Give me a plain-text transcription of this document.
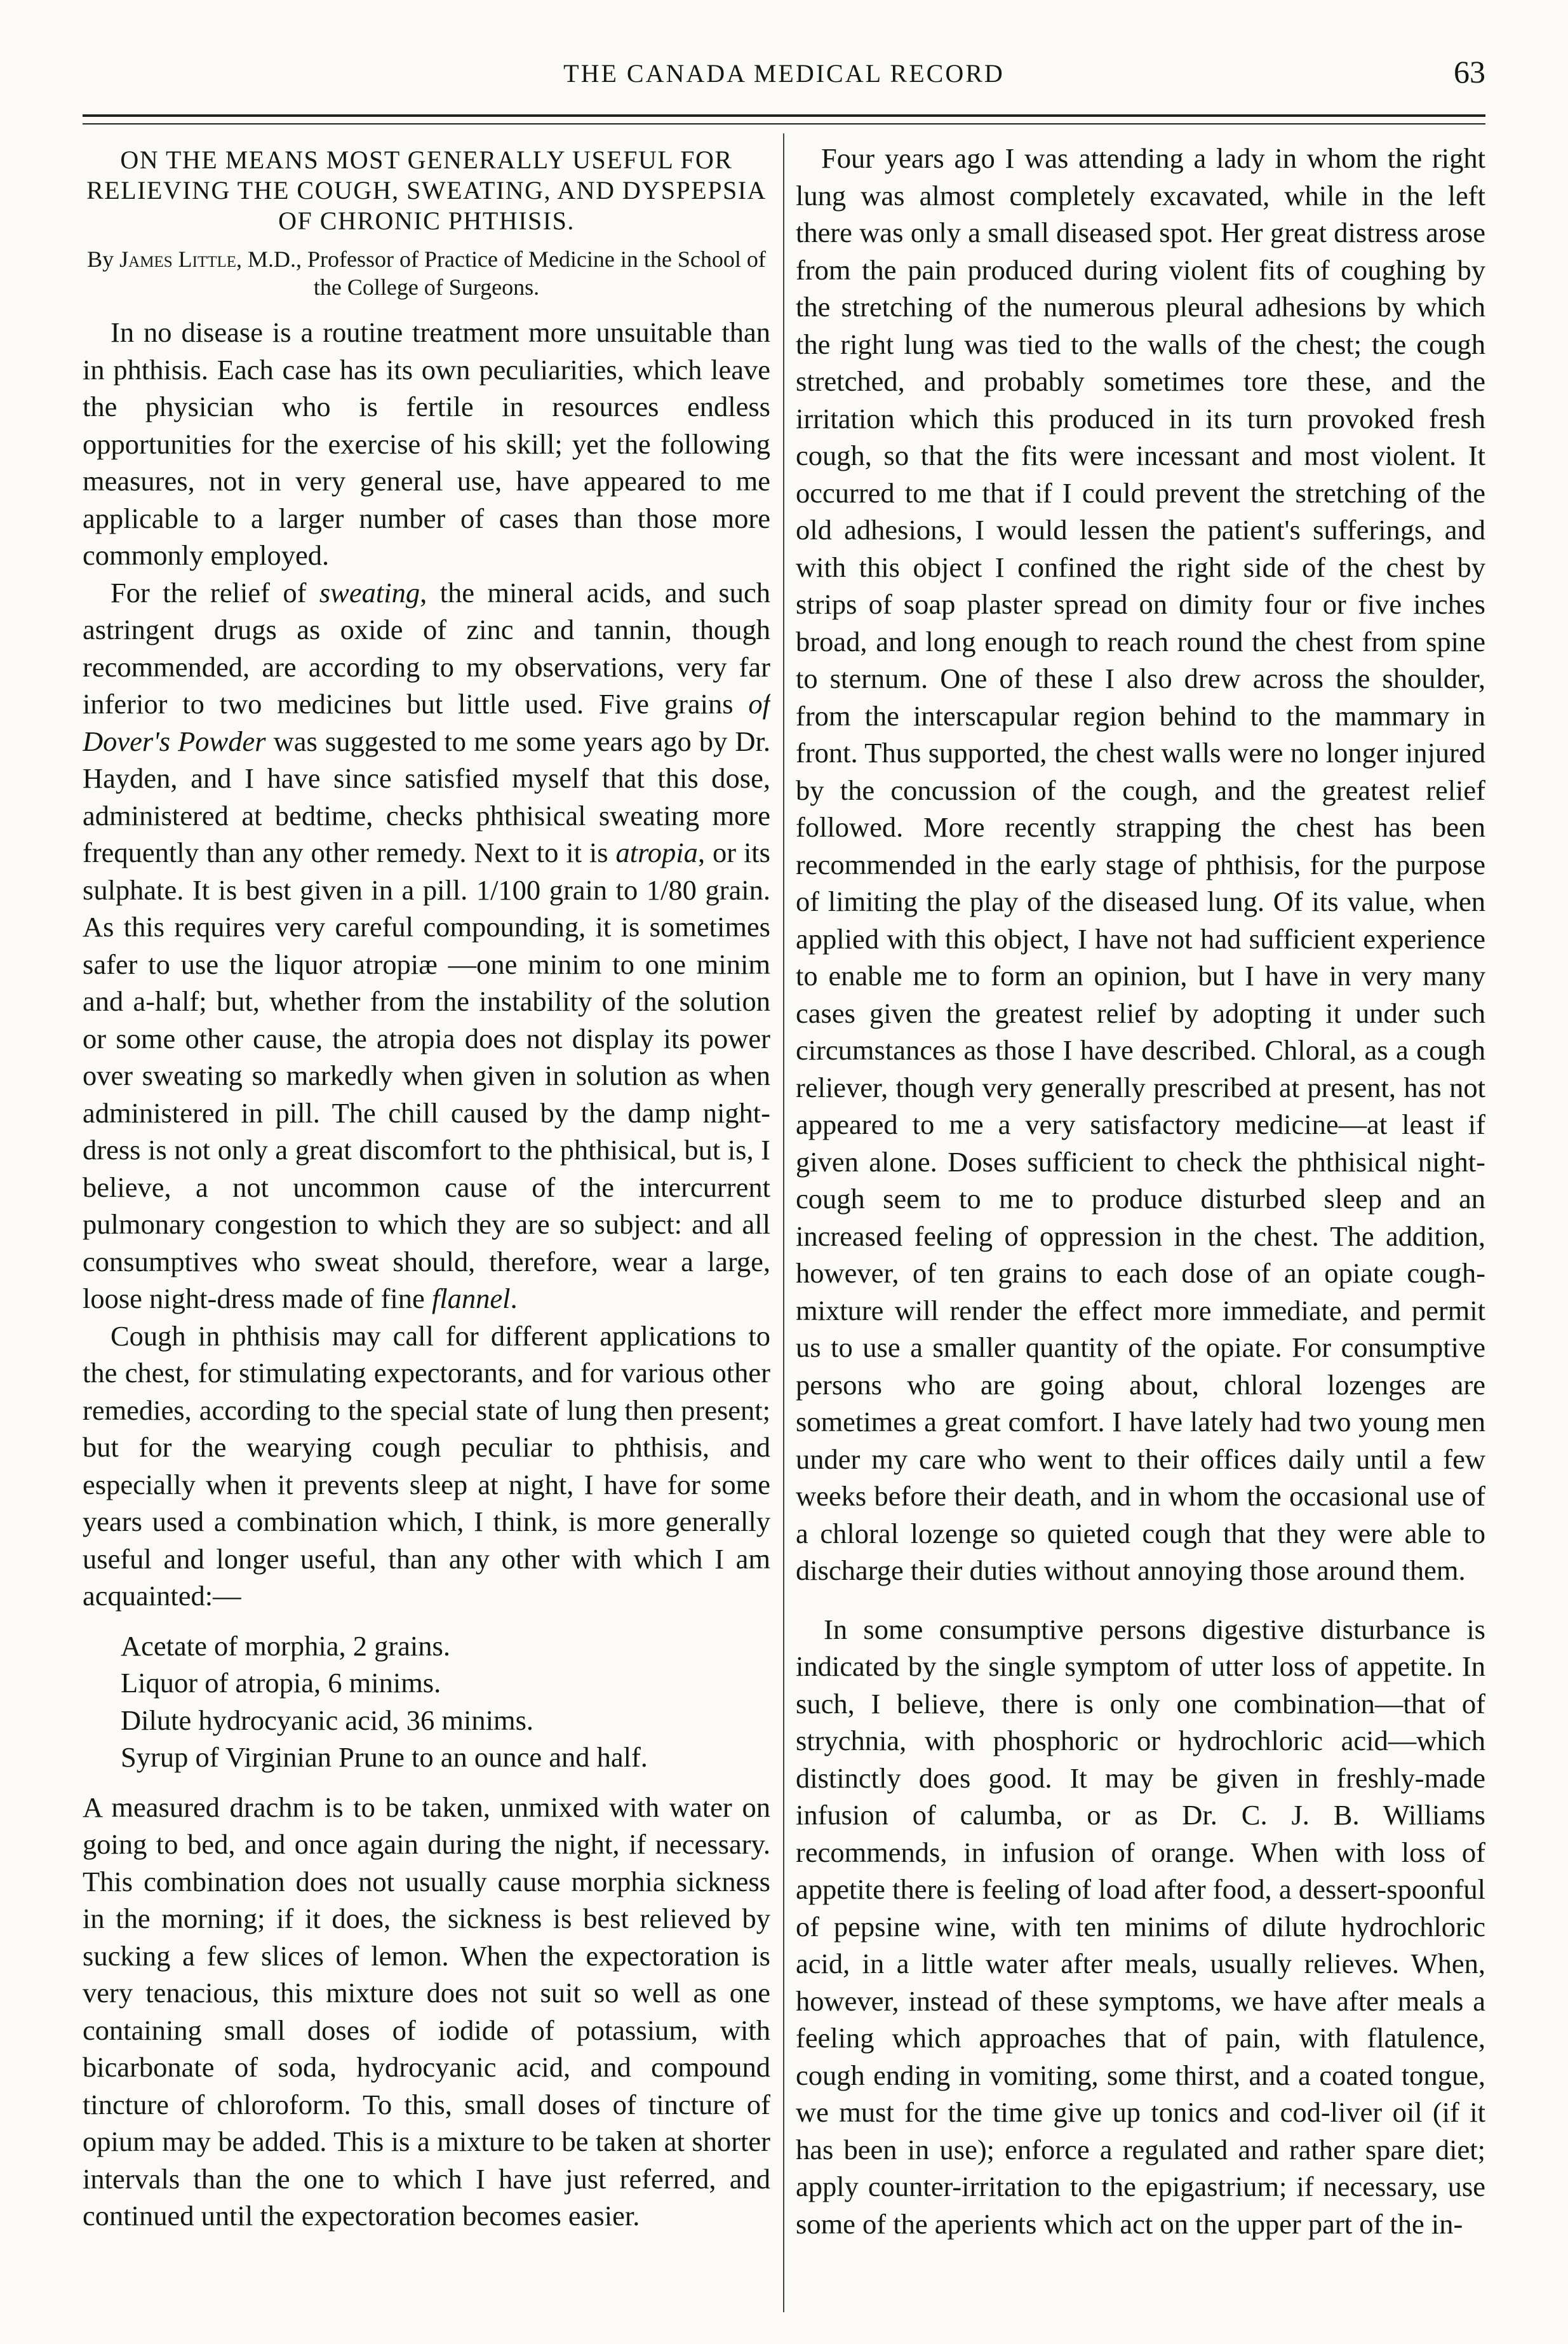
THE CANADA MEDICAL RECORD	63
ON THE MEANS MOST GENERALLY USEFUL FOR RELIEVING THE COUGH, SWEATING, AND DYSPEPSIA OF CHRONIC PHTHISIS.
By James Little, M.D., Professor of Practice of Medicine in the School of the College of Surgeons.

In no disease is a routine treatment more unsuitable than in phthisis. Each case has its own peculiarities, which leave the physician who is fertile in resources endless opportunities for the exercise of his skill; yet the following measures, not in very general use, have appeared to me applicable to a larger number of cases than those more commonly employed.

For the relief of sweating, the mineral acids, and such astringent drugs as oxide of zinc and tannin, though recommended, are according to my observations, very far inferior to two medicines but little used. Five grains of Dover's Powder was suggested to me some years ago by Dr. Hayden, and I have since satisfied myself that this dose, administered at bedtime, checks phthisical sweating more frequently than any other remedy. Next to it is atropia, or its sulphate. It is best given in a pill. 1/100 grain to 1/80 grain. As this requires very careful compounding, it is sometimes safer to use the liquor atropiæ —one minim to one minim and a-half; but, whether from the instability of the solution or some other cause, the atropia does not display its power over sweating so markedly when given in solution as when administered in pill. The chill caused by the damp night-dress is not only a great discomfort to the phthisical, but is, I believe, a not uncommon cause of the intercurrent pulmonary congestion to which they are so subject: and all consumptives who sweat should, therefore, wear a large, loose night-dress made of fine flannel.

Cough in phthisis may call for different applications to the chest, for stimulating expectorants, and for various other remedies, according to the special state of lung then present; but for the wearying cough peculiar to phthisis, and especially when it prevents sleep at night, I have for some years used a combination which, I think, is more generally useful and longer useful, than any other with which I am acquainted:—

Acetate of morphia, 2 grains.
Liquor of atropia, 6 minims.
Dilute hydrocyanic acid, 36 minims.
Syrup of Virginian Prune to an ounce and half.

A measured drachm is to be taken, unmixed with water on going to bed, and once again during the night, if necessary. This combination does not usually cause morphia sickness in the morning; if it does, the sickness is best relieved by sucking a few slices of lemon. When the expectoration is very tenacious, this mixture does not suit so well as one containing small doses of iodide of potassium, with bicarbonate of soda, hydrocyanic acid, and compound tincture of chloroform. To this, small doses of tincture of opium may be added. This is a mixture to be taken at shorter intervals than the one to which I have just referred, and continued until the expectoration becomes easier.

Four years ago I was attending a lady in whom the right lung was almost completely excavated, while in the left there was only a small diseased spot. Her great distress arose from the pain produced during violent fits of coughing by the stretching of the numerous pleural adhesions by which the right lung was tied to the walls of the chest; the cough stretched, and probably sometimes tore these, and the irritation which this produced in its turn provoked fresh cough, so that the fits were incessant and most violent. It occurred to me that if I could prevent the stretching of the old adhesions, I would lessen the patient's sufferings, and with this object I confined the right side of the chest by strips of soap plaster spread on dimity four or five inches broad, and long enough to reach round the chest from spine to sternum. One of these I also drew across the shoulder, from the interscapular region behind to the mammary in front. Thus supported, the chest walls were no longer injured by the concussion of the cough, and the greatest relief followed. More recently strapping the chest has been recommended in the early stage of phthisis, for the purpose of limiting the play of the diseased lung. Of its value, when applied with this object, I have not had sufficient experience to enable me to form an opinion, but I have in very many cases given the greatest relief by adopting it under such circumstances as those I have described. Chloral, as a cough reliever, though very generally prescribed at present, has not appeared to me a very satisfactory medicine—at least if given alone. Doses sufficient to check the phthisical night-cough seem to me to produce disturbed sleep and an increased feeling of oppression in the chest. The addition, however, of ten grains to each dose of an opiate cough-mixture will render the effect more immediate, and permit us to use a smaller quantity of the opiate. For consumptive persons who are going about, chloral lozenges are sometimes a great comfort. I have lately had two young men under my care who went to their offices daily until a few weeks before their death, and in whom the occasional use of a chloral lozenge so quieted cough that they were able to discharge their duties without annoying those around them.

In some consumptive persons digestive disturbance is indicated by the single symptom of utter loss of appetite. In such, I believe, there is only one combination—that of strychnia, with phosphoric or hydrochloric acid—which distinctly does good. It may be given in freshly-made infusion of calumba, or as Dr. C. J. B. Williams recommends, in infusion of orange. When with loss of appetite there is feeling of load after food, a dessert-spoonful of pepsine wine, with ten minims of dilute hydrochloric acid, in a little water after meals, usually relieves. When, however, instead of these symptoms, we have after meals a feeling which approaches that of pain, with flatulence, cough ending in vomiting, some thirst, and a coated tongue, we must for the time give up tonics and cod-liver oil (if it has been in use); enforce a regulated and rather spare diet; apply counter-irritation to the epigastrium; if necessary, use some of the aperients which act on the upper part of the in-
